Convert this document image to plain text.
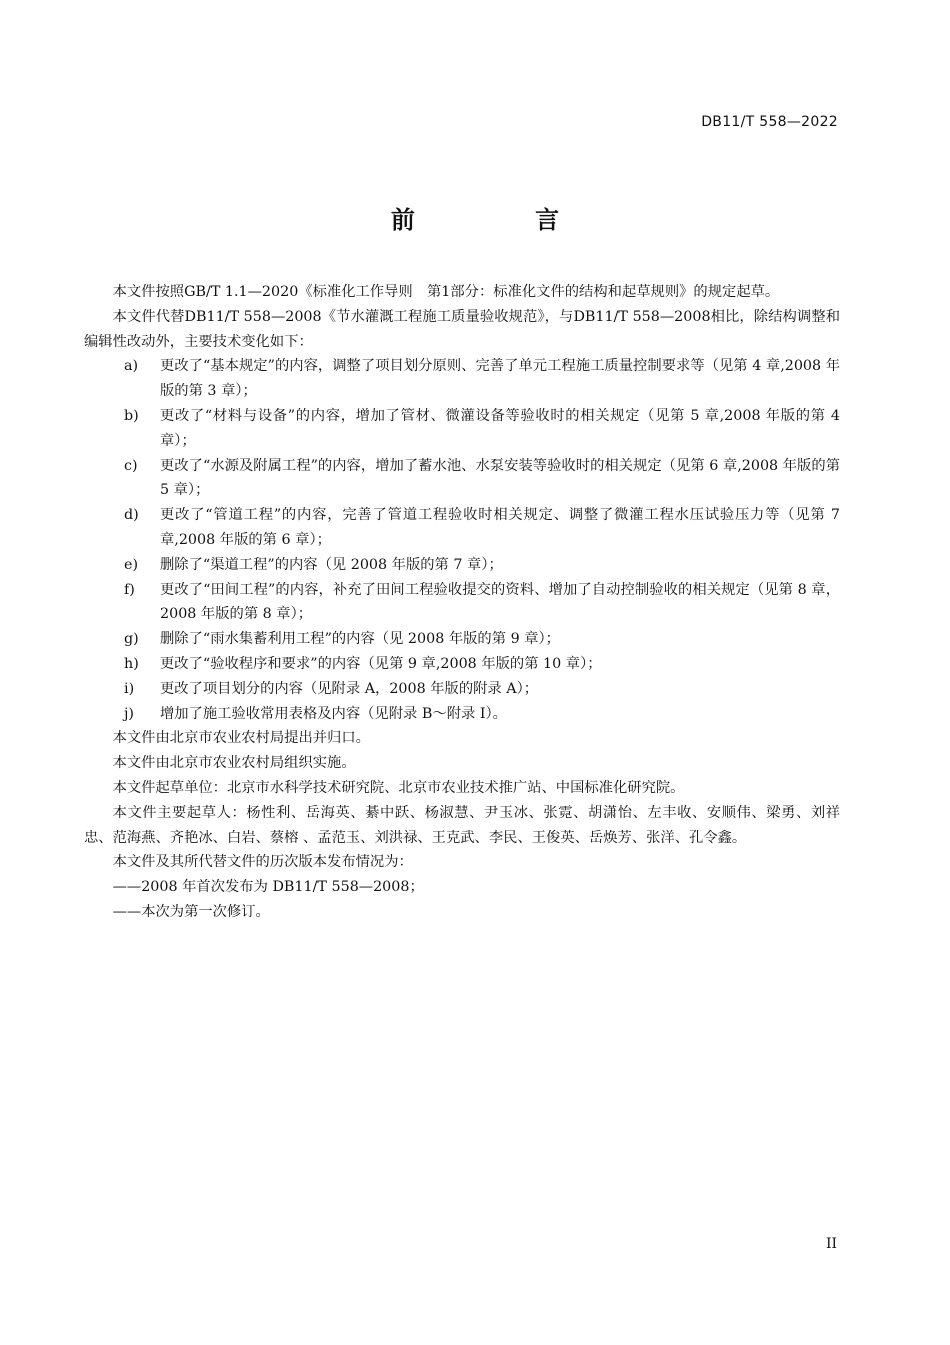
DB11/T 558—2022
前 言

本文件按照GB/T 1.1—2020《标准化工作导则　第1部分：标准化文件的结构和起草规则》的规定起草。

本文件代替DB11/T 558—2008《节水灌溉工程施工质量验收规范》，与DB11/T 558—2008相比，除结构调整和编辑性改动外，主要技术变化如下：

a) 更改了“基本规定”的内容，调整了项目划分原则、完善了单元工程施工质量控制要求等（见第 4 章,2008 年版的第 3 章）；
b) 更改了“材料与设备”的内容，增加了管材、微灌设备等验收时的相关规定（见第 5 章,2008 年版的第 4 章）；
c) 更改了“水源及附属工程”的内容，增加了蓄水池、水泵安装等验收时的相关规定（见第 6 章,2008 年版的第 5 章）；
d) 更改了“管道工程”的内容，完善了管道工程验收时相关规定、调整了微灌工程水压试验压力等（见第 7 章,2008 年版的第 6 章）；
e) 删除了“渠道工程”的内容（见 2008 年版的第 7 章）；
f) 更改了“田间工程”的内容，补充了田间工程验收提交的资料、增加了自动控制验收的相关规定（见第 8 章，2008 年版的第 8 章）；
g) 删除了“雨水集蓄利用工程”的内容（见 2008 年版的第 9 章）；
h) 更改了“验收程序和要求”的内容（见第 9 章,2008 年版的第 10 章）；
i) 更改了项目划分的内容（见附录 A，2008 年版的附录 A）；
j) 增加了施工验收常用表格及内容（见附录 B～附录 I）。

本文件由北京市农业农村局提出并归口。

本文件由北京市农业农村局组织实施。

本文件起草单位：北京市水科学技术研究院、北京市农业技术推广站、中国标准化研究院。

本文件主要起草人：杨性利、岳海英、綦中跃、杨淑慧、尹玉冰、张霓、胡潇怡、左丰收、安顺伟、梁勇、刘祥忠、范海燕、齐艳冰、白岩、蔡榕 、孟范玉、刘洪禄、王克武、李民、王俊英、岳焕芳、张洋、孔令鑫。

本文件及其所代替文件的历次版本发布情况为：

——2008 年首次发布为 DB11/T 558—2008；

——本次为第一次修订。

II
